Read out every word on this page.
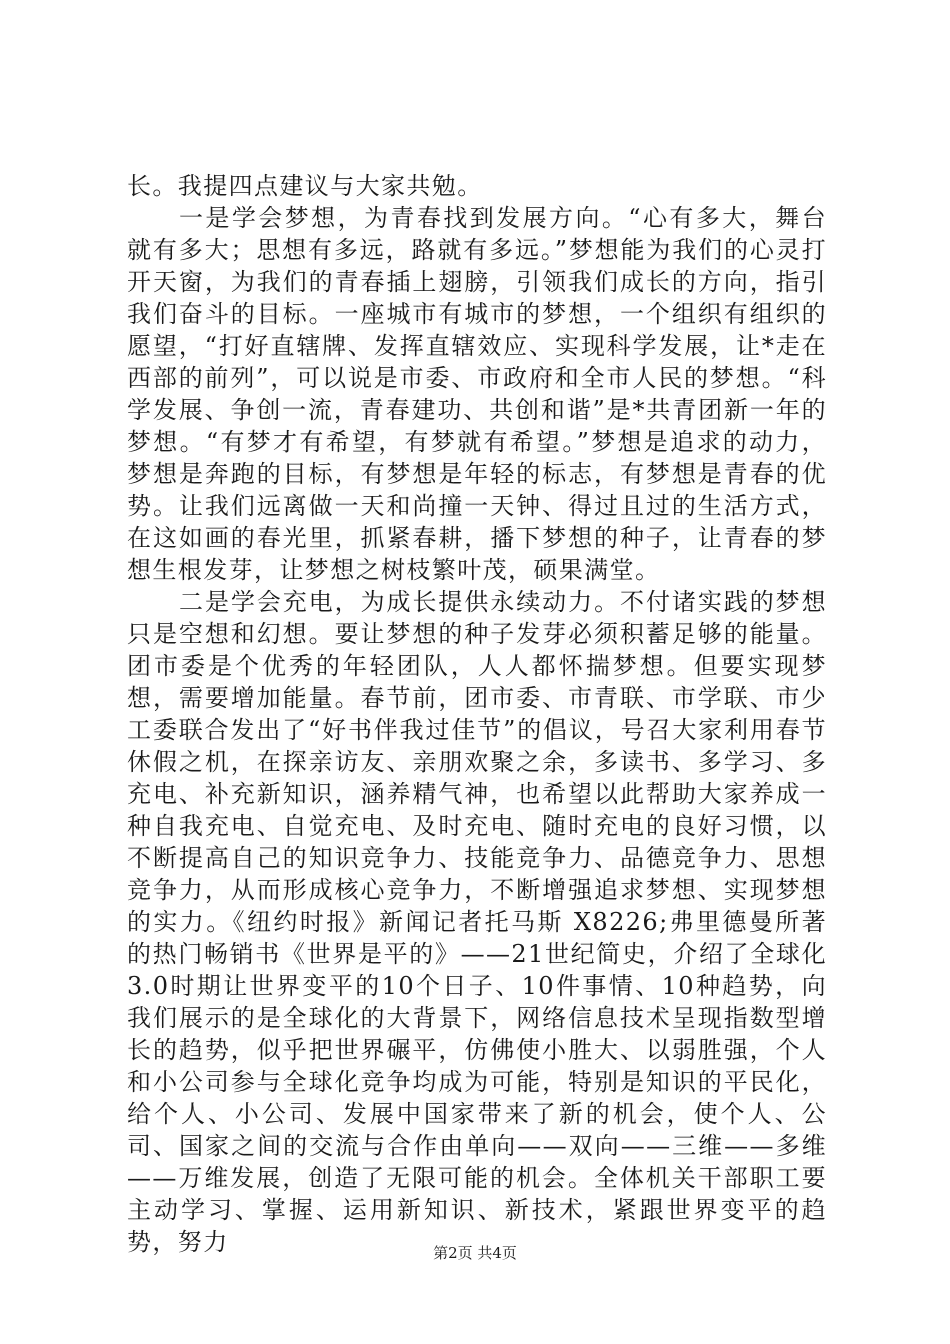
长。我提四点建议与大家共勉。

一是学会梦想，为青春找到发展方向。“心有多大，舞台就有多大；思想有多远，路就有多远。”梦想能为我们的心灵打开天窗，为我们的青春插上翅膀，引领我们成长的方向，指引我们奋斗的目标。一座城市有城市的梦想，一个组织有组织的愿望，“打好直辖牌、发挥直辖效应、实现科学发展，让*走在西部的前列”，可以说是市委、市政府和全市人民的梦想。“科学发展、争创一流，青春建功、共创和谐”是*共青团新一年的梦想。“有梦才有希望，有梦就有希望。”梦想是追求的动力，梦想是奔跑的目标，有梦想是年轻的标志，有梦想是青春的优势。让我们远离做一天和尚撞一天钟、得过且过的生活方式，在这如画的春光里，抓紧春耕，播下梦想的种子，让青春的梦想生根发芽，让梦想之树枝繁叶茂，硕果满堂。

二是学会充电，为成长提供永续动力。不付诸实践的梦想只是空想和幻想。要让梦想的种子发芽必须积蓄足够的能量。团市委是个优秀的年轻团队，人人都怀揣梦想。但要实现梦想，需要增加能量。春节前，团市委、市青联、市学联、市少工委联合发出了“好书伴我过佳节”的倡议，号召大家利用春节休假之机，在探亲访友、亲朋欢聚之余，多读书、多学习、多充电、补充新知识，涵养精气神，也希望以此帮助大家养成一种自我充电、自觉充电、及时充电、随时充电的良好习惯，以不断提高自己的知识竞争力、技能竞争力、品德竞争力、思想竞争力，从而形成核心竞争力，不断增强追求梦想、实现梦想的实力。《纽约时报》新闻记者托马斯 X8226;弗里德曼所著的热门畅销书《世界是平的》——21世纪简史，介绍了全球化3.0时期让世界变平的10个日子、10件事情、10种趋势，向我们展示的是全球化的大背景下，网络信息技术呈现指数型增长的趋势，似乎把世界碾平，仿佛使小胜大、以弱胜强，个人和小公司参与全球化竞争均成为可能，特别是知识的平民化，给个人、小公司、发展中国家带来了新的机会，使个人、公司、国家之间的交流与合作由单向——双向——三维——多维——万维发展，创造了无限可能的机会。全体机关干部职工要主动学习、掌握、运用新知识、新技术，紧跟世界变平的趋势，努力	第2页 共4页
